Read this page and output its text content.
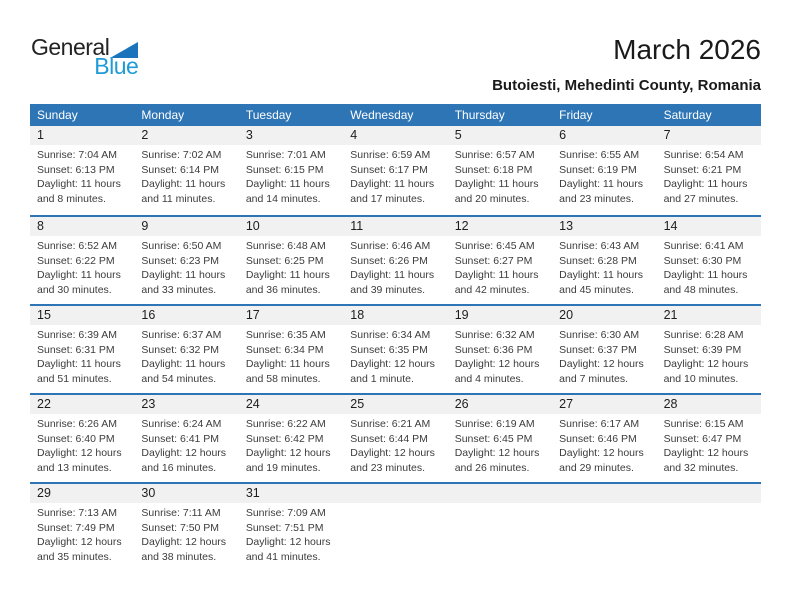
General
Blue
March 2026
Butoiesti, Mehedinti County, Romania
Sunday	Monday	Tuesday	Wednesday	Thursday	Friday	Saturday
1	2	3	4	5	6	7
Sunrise: 7:04 AM
Sunset: 6:13 PM
Daylight: 11 hours
and 8 minutes.
Sunrise: 7:02 AM
Sunset: 6:14 PM
Daylight: 11 hours
and 11 minutes.
Sunrise: 7:01 AM
Sunset: 6:15 PM
Daylight: 11 hours
and 14 minutes.
Sunrise: 6:59 AM
Sunset: 6:17 PM
Daylight: 11 hours
and 17 minutes.
Sunrise: 6:57 AM
Sunset: 6:18 PM
Daylight: 11 hours
and 20 minutes.
Sunrise: 6:55 AM
Sunset: 6:19 PM
Daylight: 11 hours
and 23 minutes.
Sunrise: 6:54 AM
Sunset: 6:21 PM
Daylight: 11 hours
and 27 minutes.
8	9	10	11	12	13	14
Sunrise: 6:52 AM
Sunset: 6:22 PM
Daylight: 11 hours
and 30 minutes.
Sunrise: 6:50 AM
Sunset: 6:23 PM
Daylight: 11 hours
and 33 minutes.
Sunrise: 6:48 AM
Sunset: 6:25 PM
Daylight: 11 hours
and 36 minutes.
Sunrise: 6:46 AM
Sunset: 6:26 PM
Daylight: 11 hours
and 39 minutes.
Sunrise: 6:45 AM
Sunset: 6:27 PM
Daylight: 11 hours
and 42 minutes.
Sunrise: 6:43 AM
Sunset: 6:28 PM
Daylight: 11 hours
and 45 minutes.
Sunrise: 6:41 AM
Sunset: 6:30 PM
Daylight: 11 hours
and 48 minutes.
15	16	17	18	19	20	21
Sunrise: 6:39 AM
Sunset: 6:31 PM
Daylight: 11 hours
and 51 minutes.
Sunrise: 6:37 AM
Sunset: 6:32 PM
Daylight: 11 hours
and 54 minutes.
Sunrise: 6:35 AM
Sunset: 6:34 PM
Daylight: 11 hours
and 58 minutes.
Sunrise: 6:34 AM
Sunset: 6:35 PM
Daylight: 12 hours
and 1 minute.
Sunrise: 6:32 AM
Sunset: 6:36 PM
Daylight: 12 hours
and 4 minutes.
Sunrise: 6:30 AM
Sunset: 6:37 PM
Daylight: 12 hours
and 7 minutes.
Sunrise: 6:28 AM
Sunset: 6:39 PM
Daylight: 12 hours
and 10 minutes.
22	23	24	25	26	27	28
Sunrise: 6:26 AM
Sunset: 6:40 PM
Daylight: 12 hours
and 13 minutes.
Sunrise: 6:24 AM
Sunset: 6:41 PM
Daylight: 12 hours
and 16 minutes.
Sunrise: 6:22 AM
Sunset: 6:42 PM
Daylight: 12 hours
and 19 minutes.
Sunrise: 6:21 AM
Sunset: 6:44 PM
Daylight: 12 hours
and 23 minutes.
Sunrise: 6:19 AM
Sunset: 6:45 PM
Daylight: 12 hours
and 26 minutes.
Sunrise: 6:17 AM
Sunset: 6:46 PM
Daylight: 12 hours
and 29 minutes.
Sunrise: 6:15 AM
Sunset: 6:47 PM
Daylight: 12 hours
and 32 minutes.
29	30	31
Sunrise: 7:13 AM
Sunset: 7:49 PM
Daylight: 12 hours
and 35 minutes.
Sunrise: 7:11 AM
Sunset: 7:50 PM
Daylight: 12 hours
and 38 minutes.
Sunrise: 7:09 AM
Sunset: 7:51 PM
Daylight: 12 hours
and 41 minutes.
